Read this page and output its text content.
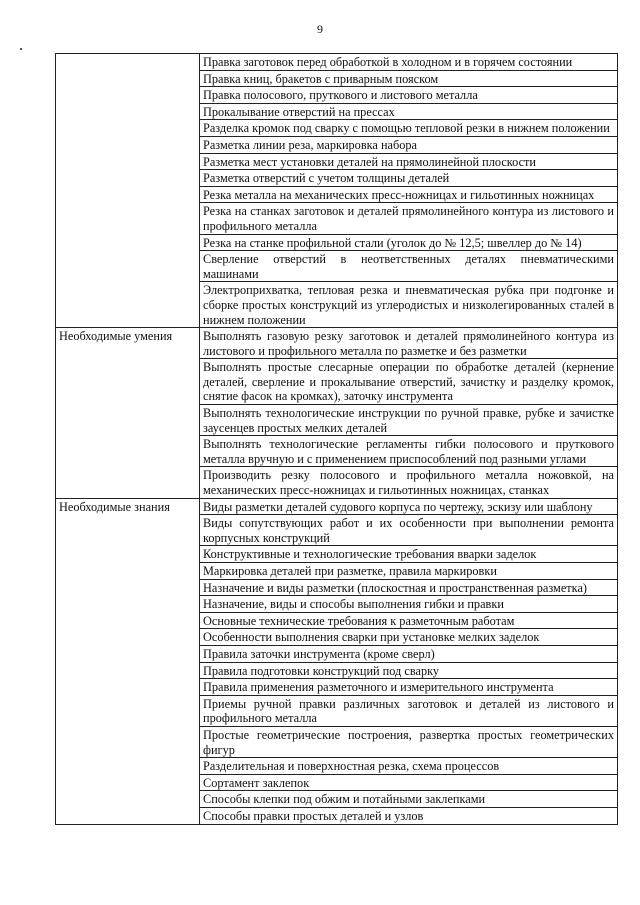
9
	Правка заготовок перед обработкой в холодном и в горячем состоянии
	Правка книц, бракетов с приварным пояском
	Правка полосового, пруткового и листового металла
	Прокалывание отверстий на прессах
	Разделка кромок под сварку с помощью тепловой резки в нижнем положении
	Разметка линии реза, маркировка набора
	Разметка мест установки деталей на прямолинейной плоскости
	Разметка отверстий с учетом толщины деталей
	Резка металла на механических пресс-ножницах и гильотинных ножницах
	Резка на станках заготовок и деталей прямолинейного контура из листового и профильного металла
	Резка на станке профильной стали (уголок до № 12,5; швеллер до № 14)
	Сверление отверстий в неответственных деталях пневматическими машинами
	Электроприхватка, тепловая резка и пневматическая рубка при подгонке и сборке простых конструкций из углеродистых и низколегированных сталей в нижнем положении
Необходимые умения	Выполнять газовую резку заготовок и деталей прямолинейного контура из листового и профильного металла по разметке и без разметки
	Выполнять простые слесарные операции по обработке деталей (кернение деталей, сверление и прокалывание отверстий, зачистку и разделку кромок, снятие фасок на кромках), заточку инструмента
	Выполнять технологические инструкции по ручной правке, рубке и зачистке заусенцев простых мелких деталей
	Выполнять технологические регламенты гибки полосового и пруткового металла вручную и с применением приспособлений под разными углами
	Производить резку полосового и профильного металла ножовкой, на механических пресс-ножницах и гильотинных ножницах, станках
Необходимые знания	Виды разметки деталей судового корпуса по чертежу, эскизу или шаблону
	Виды сопутствующих работ и их особенности при выполнении ремонта корпусных конструкций
	Конструктивные и технологические требования вварки заделок
	Маркировка деталей при разметке, правила маркировки
	Назначение и виды разметки (плоскостная и пространственная разметка)
	Назначение, виды и способы выполнения гибки и правки
	Основные технические требования к разметочным работам
	Особенности выполнения сварки при установке мелких заделок
	Правила заточки инструмента (кроме сверл)
	Правила подготовки конструкций под сварку
	Правила применения разметочного и измерительного инструмента
	Приемы ручной правки различных заготовок и деталей из листового и профильного металла
	Простые геометрические построения, развертка простых геометрических фигур
	Разделительная и поверхностная резка, схема процессов
	Сортамент заклепок
	Способы клепки под обжим и потайными заклепками
	Способы правки простых деталей и узлов
